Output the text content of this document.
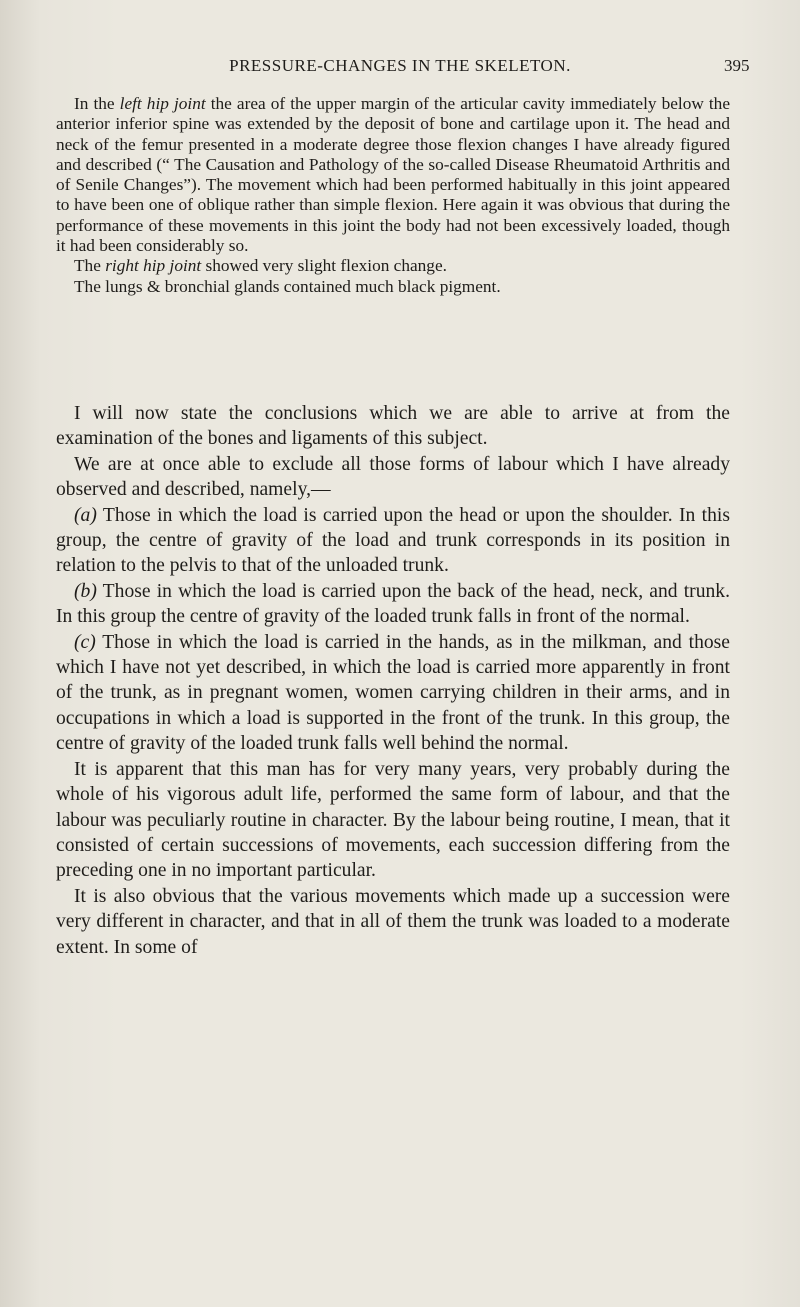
PRESSURE-CHANGES IN THE SKELETON.	395

In the left hip joint the area of the upper margin of the articular cavity immediately below the anterior inferior spine was extended by the deposit of bone and cartilage upon it. The head and neck of the femur presented in a moderate degree those flexion changes I have already figured and described (“ The Causation and Pathology of the so-called Disease Rheumatoid Arthritis and of Senile Changes”). The movement which had been performed habitually in this joint appeared to have been one of oblique rather than simple flexion. Here again it was obvious that during the performance of these movements in this joint the body had not been excessively loaded, though it had been considerably so.

The right hip joint showed very slight flexion change.

The lungs & bronchial glands contained much black pigment.

I will now state the conclusions which we are able to arrive at from the examination of the bones and ligaments of this subject.

We are at once able to exclude all those forms of labour which I have already observed and described, namely,—

(a) Those in which the load is carried upon the head or upon the shoulder. In this group, the centre of gravity of the load and trunk corresponds in its position in relation to the pelvis to that of the unloaded trunk.

(b) Those in which the load is carried upon the back of the head, neck, and trunk. In this group the centre of gravity of the loaded trunk falls in front of the normal.

(c) Those in which the load is carried in the hands, as in the milkman, and those which I have not yet described, in which the load is carried more apparently in front of the trunk, as in pregnant women, women carrying children in their arms, and in occupations in which a load is supported in the front of the trunk. In this group, the centre of gravity of the loaded trunk falls well behind the normal.

It is apparent that this man has for very many years, very probably during the whole of his vigorous adult life, performed the same form of labour, and that the labour was peculiarly routine in character. By the labour being routine, I mean, that it consisted of certain successions of movements, each succession differing from the preceding one in no important particular.

It is also obvious that the various movements which made up a succession were very different in character, and that in all of them the trunk was loaded to a moderate extent. In some of
